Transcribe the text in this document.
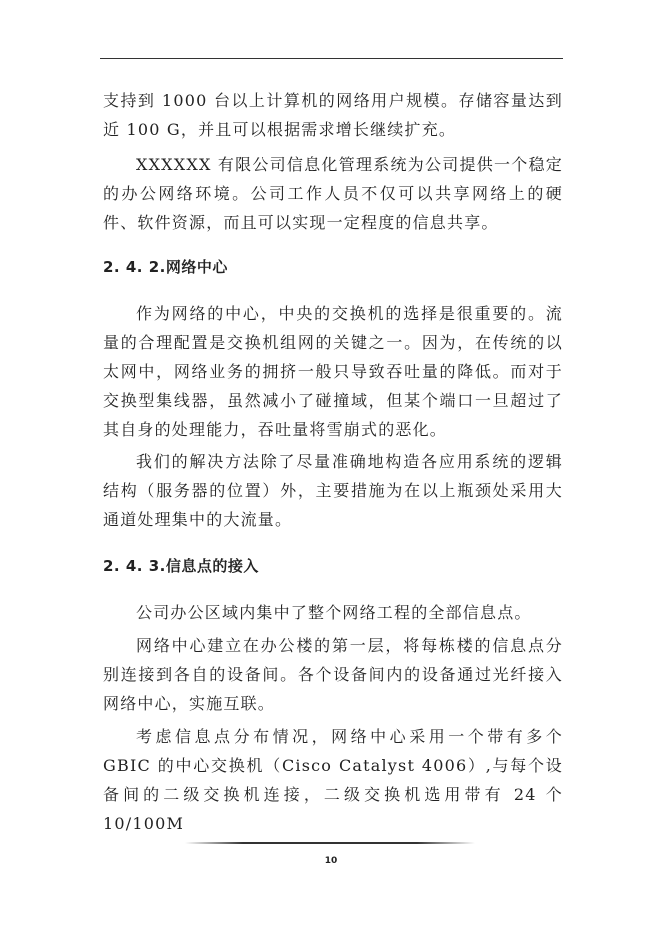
支持到 1000 台以上计算机的网络用户规模。存储容量达到近 100 G，并且可以根据需求增长继续扩充。

XXXXXX 有限公司信息化管理系统为公司提供一个稳定的办公网络环境。公司工作人员不仅可以共享网络上的硬件、软件资源，而且可以实现一定程度的信息共享。

2. 4. 2.网络中心

作为网络的中心，中央的交换机的选择是很重要的。流量的合理配置是交换机组网的关键之一。因为，在传统的以太网中，网络业务的拥挤一般只导致吞吐量的降低。而对于交换型集线器，虽然减小了碰撞域，但某个端口一旦超过了其自身的处理能力，吞吐量将雪崩式的恶化。

我们的解决方法除了尽量准确地构造各应用系统的逻辑结构（服务器的位置）外，主要措施为在以上瓶颈处采用大通道处理集中的大流量。

2. 4. 3.信息点的接入

公司办公区域内集中了整个网络工程的全部信息点。

网络中心建立在办公楼的第一层，将每栋楼的信息点分别连接到各自的设备间。各个设备间内的设备通过光纤接入网络中心，实施互联。

考虑信息点分布情况，网络中心采用一个带有多个 GBIC 的中心交换机（Cisco Catalyst 4006）,与每个设备间的二级交换机连接，二级交换机选用带有 24 个 10/100M

10
